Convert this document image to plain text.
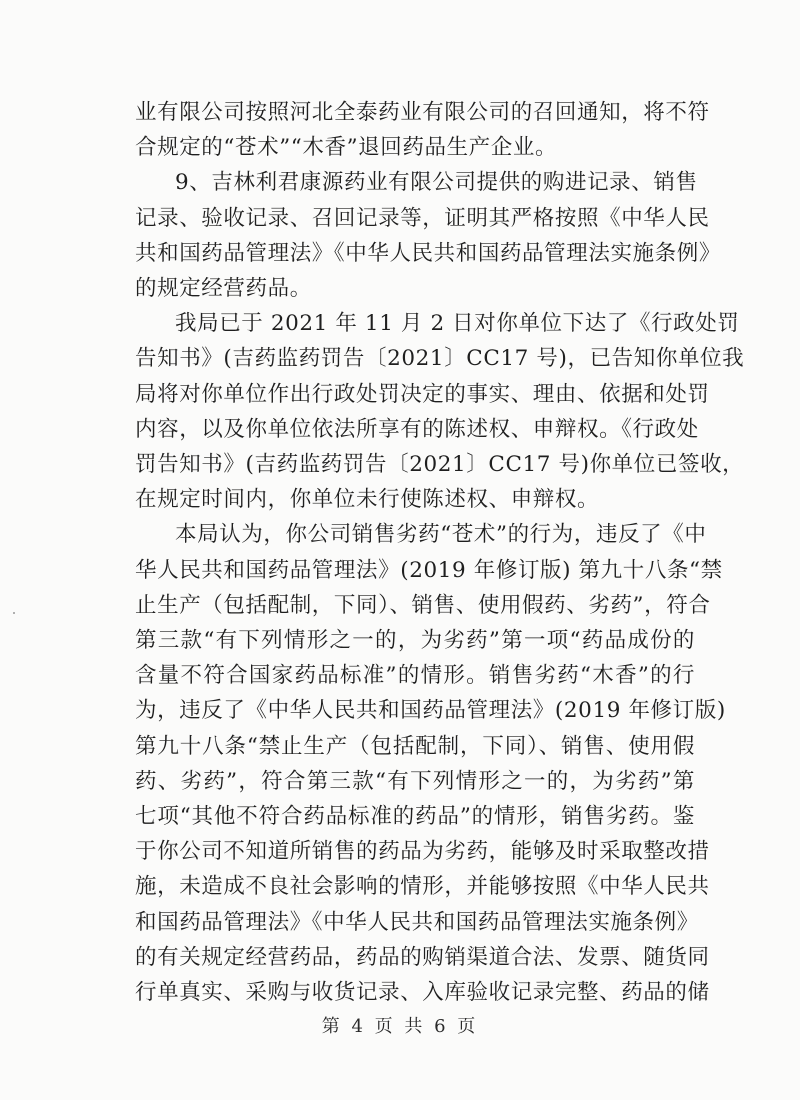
业有限公司按照河北全泰药业有限公司的召回通知，将不符
合规定的“苍术”“木香”退回药品生产企业。
9、吉林利君康源药业有限公司提供的购进记录、销售
记录、验收记录、召回记录等，证明其严格按照《中华人民
共和国药品管理法》《中华人民共和国药品管理法实施条例》
的规定经营药品。
我局已于 2021 年 11 月 2 日对你单位下达了《行政处罚
告知书》(吉药监药罚告〔2021〕CC17 号)，已告知你单位我
局将对你单位作出行政处罚决定的事实、理由、依据和处罚
内容，以及你单位依法所享有的陈述权、申辩权。《行政处
罚告知书》(吉药监药罚告〔2021〕CC17 号)你单位已签收，
在规定时间内，你单位未行使陈述权、申辩权。
本局认为，你公司销售劣药“苍术”的行为，违反了《中
华人民共和国药品管理法》(2019 年修订版) 第九十八条“禁
止生产（包括配制，下同）、销售、使用假药、劣药”，符合
第三款“有下列情形之一的，为劣药”第一项“药品成份的
含量不符合国家药品标准”的情形。销售劣药“木香”的行
为，违反了《中华人民共和国药品管理法》(2019 年修订版)
第九十八条“禁止生产（包括配制，下同）、销售、使用假
药、劣药”，符合第三款“有下列情形之一的，为劣药”第
七项“其他不符合药品标准的药品”的情形，销售劣药。鉴
于你公司不知道所销售的药品为劣药，能够及时采取整改措
施，未造成不良社会影响的情形，并能够按照《中华人民共
和国药品管理法》《中华人民共和国药品管理法实施条例》
的有关规定经营药品，药品的购销渠道合法、发票、随货同
行单真实、采购与收货记录、入库验收记录完整、药品的储
第 4 页 共 6 页
